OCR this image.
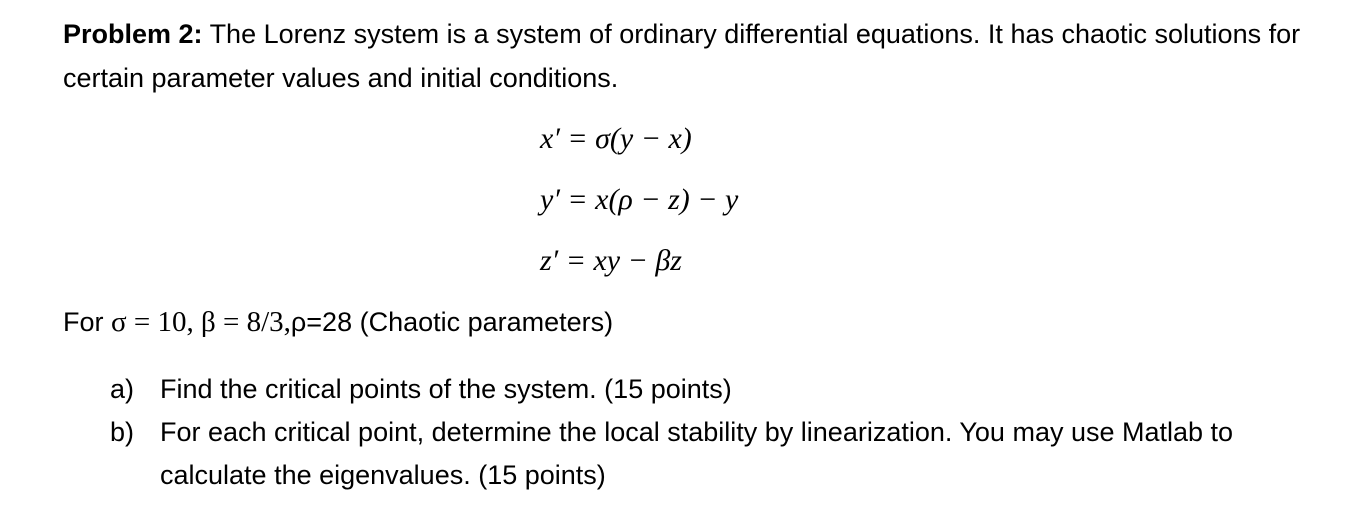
Problem 2: The Lorenz system is a system of ordinary differential equations. It has chaotic solutions for certain parameter values and initial conditions.
x′ = σ(y − x)
y′ = x(ρ − z) − y
z′ = xy − βz
For σ = 10, β = 8/3,ρ=28 (Chaotic parameters)
a) Find the critical points of the system. (15 points)
b) For each critical point, determine the local stability by linearization. You may use Matlab to calculate the eigenvalues. (15 points)
